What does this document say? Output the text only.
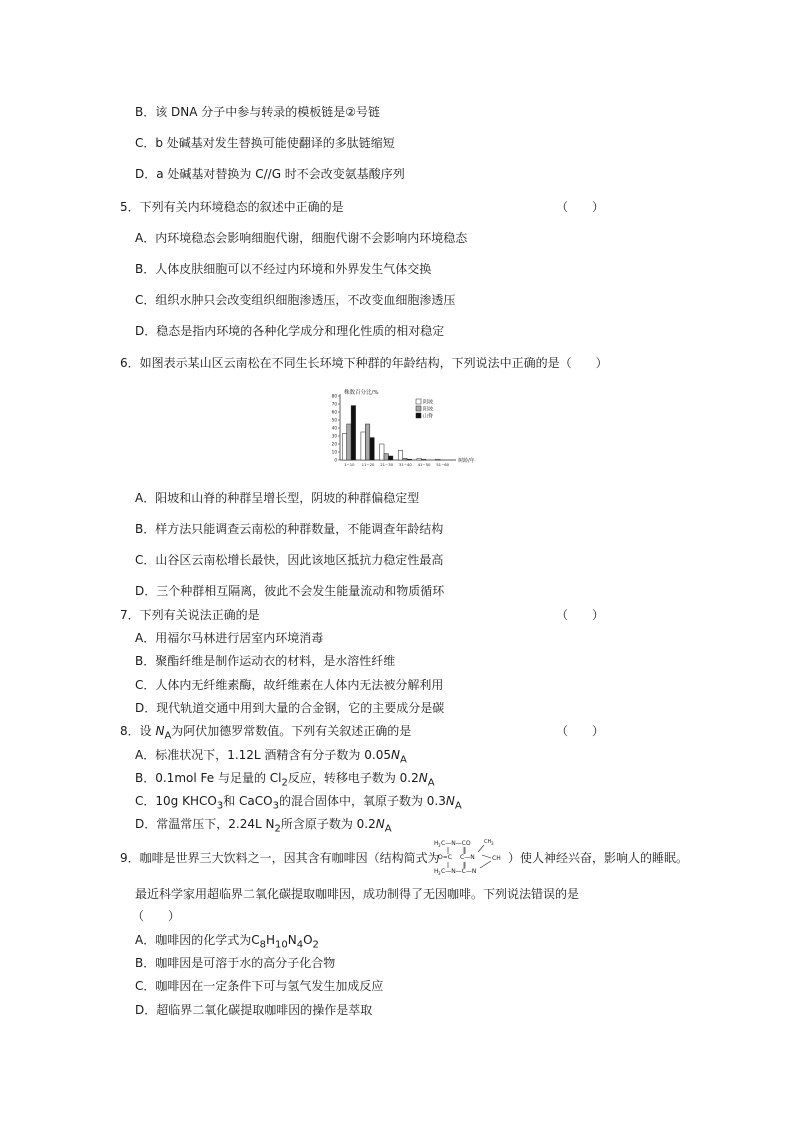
B．该 DNA 分子中参与转录的模板链是②号链
C．b 处碱基对发生替换可能使翻译的多肽链缩短
D．a 处碱基对替换为 C//G 时不会改变氨基酸序列
5．下列有关内环境稳态的叙述中正确的是	（　　）
A．内环境稳态会影响细胞代谢，细胞代谢不会影响内环境稳态
B．人体皮肤细胞可以不经过内环境和外界发生气体交换
C．组织水肿只会改变组织细胞渗透压，不改变血细胞渗透压
D．稳态是指内环境的各种化学成分和理化性质的相对稳定
6．如图表示某山区云南松在不同生长环境下种群的年龄结构，下列说法中正确的是（　　）
0
10
20
30
40
50
60
70
80
株数百分比/%
树龄/年
1~10 11~20 21~30 31~40 41~50 51~60
阴坡
阳坡
山脊
A．阳坡和山脊的种群呈增长型，阴坡的种群偏稳定型
B．样方法只能调查云南松的种群数量，不能调查年龄结构
C．山谷区云南松增长最快，因此该地区抵抗力稳定性最高
D．三个种群相互隔离，彼此不会发生能量流动和物质循环
7．下列有关说法正确的是	（　　）
A．用福尔马林进行居室内环境消毒
B．聚酯纤维是制作运动衣的材料，是水溶性纤维
C．人体内无纤维素酶，故纤维素在人体内无法被分解利用
D．现代轨道交通中用到大量的合金钢，它的主要成分是碳
8．设 $N_A$为阿伏加德罗常数值。下列有关叙述正确的是	（　　）
A．标准状况下，1.12L 酒精含有分子数为 $0.05N_A$
B．0.1mol Fe 与足量的 $Cl_2$反应，转移电子数为 $0.2N_A$
C．10g $KHCO_3$和 CaCO$_3$的混合固体中，氧原子数为 $0.3N_A$
D．常温常压下，2.24L $N_2$所含原子数为 $0.2N_A$
9．咖啡是世界三大饮料之一，因其含有咖啡因（结构简式为
H 3 C—N—CO	CH 3
O=C C—N	CH
H 3 C—N—C—N
）使人神经兴奋，影响人的睡眠。
最近科学家用超临界二氧化碳提取咖啡因，成功制得了无因咖啡。下列说法错误的是
（　　）
A．咖啡因的化学式为$C_8H_{10}N_4O_2$
B．咖啡因是可溶于水的高分子化合物
C．咖啡因在一定条件下可与氢气发生加成反应
D．超临界二氧化碳提取咖啡因的操作是萃取
